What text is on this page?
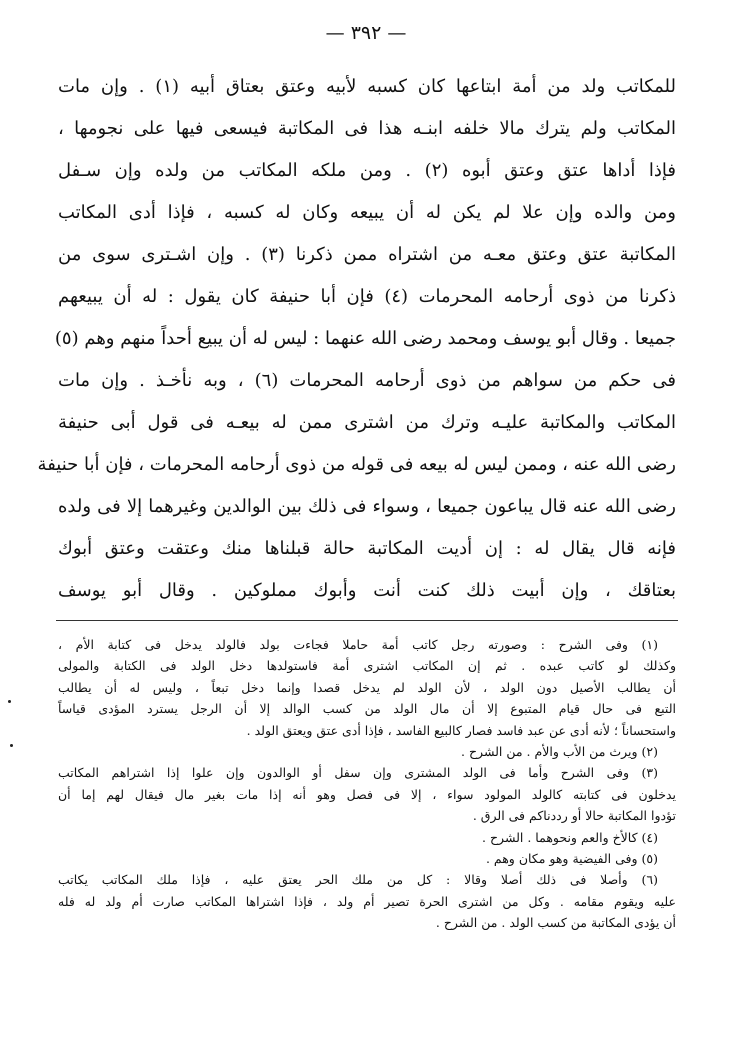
— ٣٩٢ —
للمكاتب ولد من أمة ابتاعها كان كسبه لأبيه وعتق بعتاق أبيه (١) . وإن مات
المكاتب ولم يترك مالا خلفه ابنـه هذا فى المكاتبة فيسعى فيها على نجومها ،
فإذا أداها عتق وعتق أبوه (٢) . ومن ملكه المكاتب من ولده وإن سـفل
ومن والده وإن علا لم يكن له أن يبيعه وكان له كسبه ، فإذا أدى المكاتب
المكاتبة عتق وعتق معـه من اشتراه ممن ذكرنا (٣) . وإن اشـترى سوى من
ذكرنا من ذوى أرحامه المحرمات (٤) فإن أبا حنيفة كان يقول : له أن يبيعهم
جميعا . وقال أبو يوسف ومحمد رضى الله عنهما : ليس له أن يبيع أحداً منهم وهم (٥)
فى حكم من سواهم من ذوى أرحامه المحرمات (٦) ، وبه نأخـذ . وإن مات
المكاتب والمكاتبة عليـه وترك من اشترى ممن له بيعـه فى قول أبى حنيفة
رضى الله عنه ، وممن ليس له بيعه فى قوله من ذوى أرحامه المحرمات ، فإن أبا حنيفة
رضى الله عنه قال يباعون جميعا ، وسواء فى ذلك بين الوالدين وغيرهما إلا فى ولده
فإنه قال يقال له : إن أديت المكاتبة حالة قبلناها منك وعتقت وعتق أبوك
بعتاقك ، وإن أبيت ذلك كنت أنت وأبوك مملوكين . وقال أبو يوسف
(١) وفى الشرح : وصورته رجل كاتب أمة حاملا فجاءت بولد فالولد يدخل فى كتابة الأم ،
وكذلك لو كاتب عبده . ثم إن المكاتب اشترى أمة فاستولدها دخل الولد فى الكتابة والمولى
أن يطالب الأصيل دون الولد ، لأن الولد لم يدخل قصدا وإنما دخل تبعاً ، وليس له أن يطالب
التبع فى حال قيام المتبوع إلا أن مال الولد من كسب الوالد إلا أن الرجل يسترد المؤدى قياساً
واستحساناً ؛ لأنه أدى عن عبد فاسد فصار كالبيع الفاسد ، فإذا أدى عتق ويعتق الولد .
(٢) ويرث من الأب والأم . من الشرح .
(٣) وفى الشرح وأما فى الولد المشترى وإن سفل أو الوالدون وإن علوا إذا اشتراهم المكاتب
يدخلون فى كتابته كالولد المولود سواء ، إلا فى فصل وهو أنه إذا مات بغير مال فيقال لهم إما أن
تؤدوا المكاتبة حالا أو رددناكم فى الرق .
(٤) كالأخ والعم ونحوهما . الشرح .
(٥) وفى الفيضية وهو مكان وهم .
(٦) وأصلا فى ذلك أصلا وقالا : كل من ملك الحر يعتق عليه ، فإذا ملك المكاتب يكاتب
عليه ويقوم مقامه . وكل من اشترى الحرة تصير أم ولد ، فإذا اشتراها المكاتب صارت أم ولد له فله
أن يؤدى المكاتبة من كسب الولد . من الشرح .
